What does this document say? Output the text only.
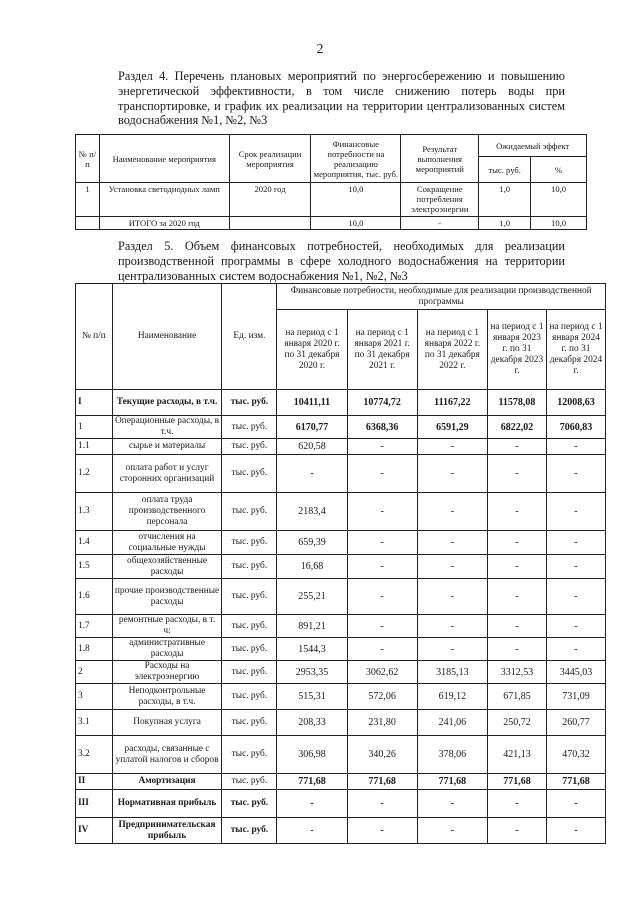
2
Раздел 4. Перечень плановых мероприятий по энергосбережению и повышению энергетической эффективности, в том числе снижению потерь воды при транспортировке, и график их реализации на территории централизованных систем водоснабжения №1, №2, №3
№ п/п	Наименование мероприятия	Срок реализации мероприятия	Финансовые потребности на реализацию мероприятия, тыс. руб.	Результат выполнения мероприятий	Ожидаемый эффект	
					тыс. руб.	%
1	Установка светодиодных ламп	2020 год	10,0	Сокращение потребления электроэнергии	1,0	10,0
	ИТОГО за 2020 год		10,0	-	1,0	10,0
Раздел 5. Объем финансовых потребностей, необходимых для реализации производственной программы в сфере холодного водоснабжения на территории централизованных систем водоснабжения №1, №2, №3
№ п/п	Наименование	Ед. изм.	Финансовые потребности, необходимые для реализации производственной программы				
			на период с 1 января 2020 г. по 31 декабря 2020 г.	на период с 1 января 2021 г. по 31 декабря 2021 г.	на период с 1 января 2022 г. по 31 декабря 2022 г.	на период с 1 января 2023 г. по 31 декабря 2023 г.	на период с 1 января 2024 г. по 31 декабря 2024 г.
I	Текущие расходы, в т.ч.	тыс. руб.	10411,11	10774,72	11167,22	11578,08	12008,63
1	Операционные расходы, в т.ч.	тыс. руб.	6170,77	6368,36	6591,29	6822,02	7060,83
1.1	сырье и материалы	тыс. руб.	620,58	-	-	-	-
1.2	оплата работ и услуг сторонних организаций	тыс. руб.	-	-	-	-	-
1.3	оплата труда производственного персонала	тыс. руб.	2183,4	-	-	-	-
1.4	отчисления на социальные нужды	тыс. руб.	659,39	-	-	-	-
1.5	общехозяйственные расходы	тыс. руб.	16,68	-	-	-	-
1.6	прочие производственные расходы	тыс. руб.	255,21	-	-	-	-
1.7	ремонтные расходы, в т. ч:	тыс. руб.	891,21	-	-	-	-
1.8	административные расходы	тыс. руб.	1544,3	-	-	-	-
2	Расходы на электроэнергию	тыс. руб.	2953,35	3062,62	3185,13	3312,53	3445,03
3	Неподконтрольные расходы, в т.ч.	тыс. руб.	515,31	572,06	619,12	671,85	731,09
3.1	Покупная услуга	тыс. руб.	208,33	231,80	241,06	250,72	260,77
3.2	расходы, связанные с уплатой налогов и сборов	тыс. руб.	306,98	340,26	378,06	421,13	470,32
II	Амортизация	тыс. руб.	771,68	771,68	771,68	771,68	771,68
III	Нормативная прибыль	тыс. руб.	-	-	-	-	-
IV	Предпринимательская прибыль	тыс. руб.	-	-	-	-	-
